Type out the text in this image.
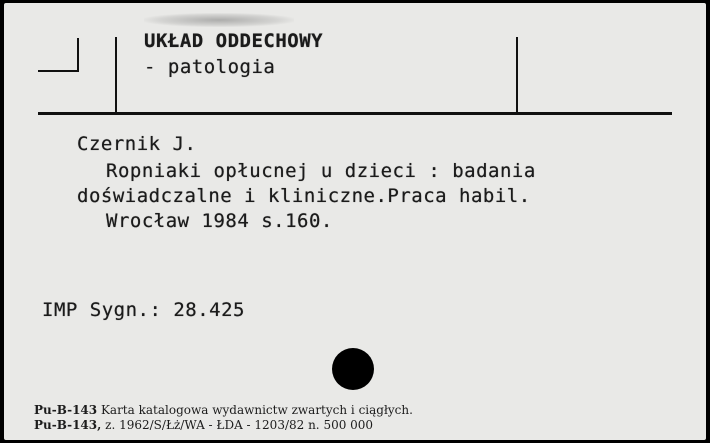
UKŁAD ODDECHOWY
- patologia
Czernik J.
Ropniaki opłucnej u dzieci : badania
doświadczalne i kliniczne.Praca habil.
Wrocław 1984 s.160.
IMP Sygn.: 28.425
Pu-B-143 Karta katalogowa wydawnictw zwartych i ciągłych.
Pu-B-143, z. 1962/S/Łż/WA - ŁDA - 1203/82 n. 500 000
